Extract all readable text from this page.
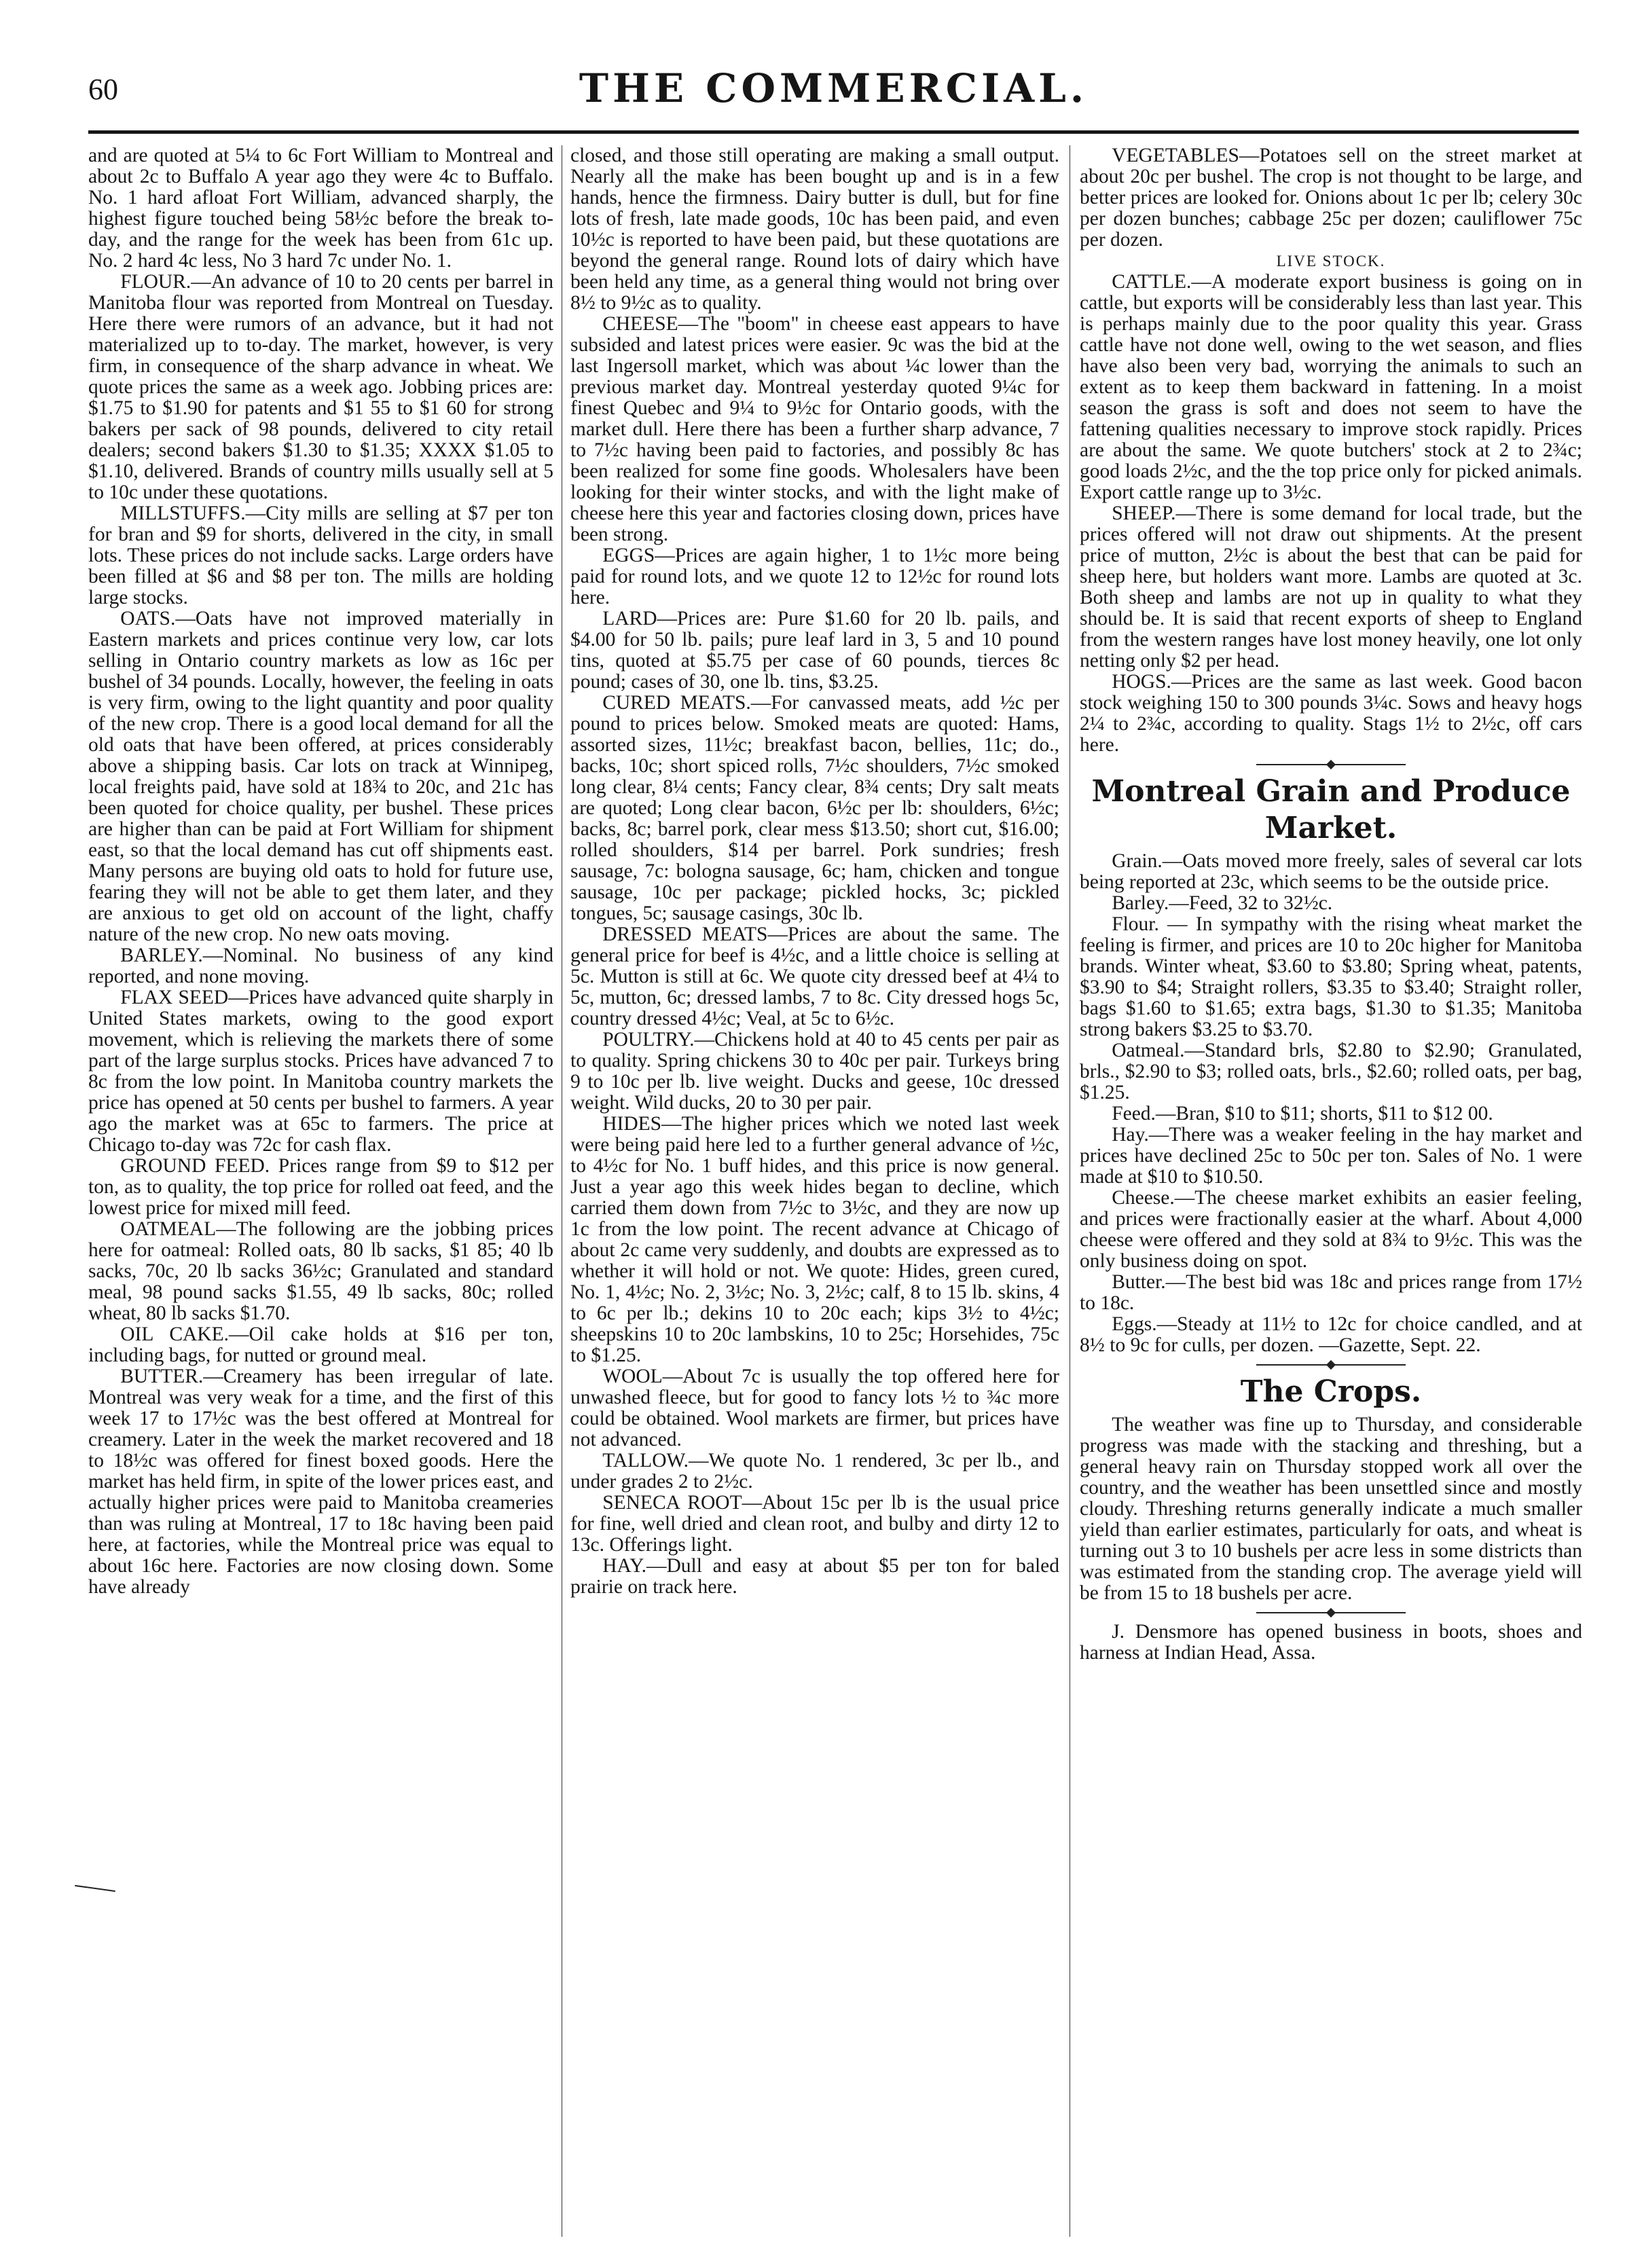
60	THE COMMERCIAL.

and are quoted at 5¼ to 6c Fort William to Montreal and about 2c to Buffalo A year ago they were 4c to Buffalo. No. 1 hard afloat Fort William, advanced sharply, the highest figure touched being 58½c before the break to-day, and the range for the week has been from 61c up. No. 2 hard 4c less, No 3 hard 7c under No. 1.

FLOUR.—An advance of 10 to 20 cents per barrel in Manitoba flour was reported from Montreal on Tuesday. Here there were rumors of an advance, but it had not materialized up to to-day. The market, however, is very firm, in consequence of the sharp advance in wheat. We quote prices the same as a week ago. Jobbing prices are: $1.75 to $1.90 for patents and $1 55 to $1 60 for strong bakers per sack of 98 pounds, delivered to city retail dealers; second bakers $1.30 to $1.35; XXXX $1.05 to $1.10, delivered. Brands of country mills usually sell at 5 to 10c under these quotations.

MILLSTUFFS.—City mills are selling at $7 per ton for bran and $9 for shorts, delivered in the city, in small lots. These prices do not include sacks. Large orders have been filled at $6 and $8 per ton. The mills are holding large stocks.

OATS.—Oats have not improved materially in Eastern markets and prices continue very low, car lots selling in Ontario country markets as low as 16c per bushel of 34 pounds. Locally, however, the feeling in oats is very firm, owing to the light quantity and poor quality of the new crop. There is a good local demand for all the old oats that have been offered, at prices considerably above a shipping basis. Car lots on track at Winnipeg, local freights paid, have sold at 18¾ to 20c, and 21c has been quoted for choice quality, per bushel. These prices are higher than can be paid at Fort William for shipment east, so that the local demand has cut off shipments east. Many persons are buying old oats to hold for future use, fearing they will not be able to get them later, and they are anxious to get old on account of the light, chaffy nature of the new crop. No new oats moving.

BARLEY.—Nominal. No business of any kind reported, and none moving.

FLAX SEED—Prices have advanced quite sharply in United States markets, owing to the good export movement, which is relieving the markets there of some part of the large surplus stocks. Prices have advanced 7 to 8c from the low point. In Manitoba country markets the price has opened at 50 cents per bushel to farmers. A year ago the market was at 65c to farmers. The price at Chicago to-day was 72c for cash flax.

GROUND FEED. Prices range from $9 to $12 per ton, as to quality, the top price for rolled oat feed, and the lowest price for mixed mill feed.

OATMEAL—The following are the jobbing prices here for oatmeal: Rolled oats, 80 lb sacks, $1 85; 40 lb sacks, 70c, 20 lb sacks 36½c; Granulated and standard meal, 98 pound sacks $1.55, 49 lb sacks, 80c; rolled wheat, 80 lb sacks $1.70.

OIL CAKE.—Oil cake holds at $16 per ton, including bags, for nutted or ground meal.

BUTTER.—Creamery has been irregular of late. Montreal was very weak for a time, and the first of this week 17 to 17½c was the best offered at Montreal for creamery. Later in the week the market recovered and 18 to 18½c was offered for finest boxed goods. Here the market has held firm, in spite of the lower prices east, and actually higher prices were paid to Manitoba creameries than was ruling at Montreal, 17 to 18c having been paid here, at factories, while the Montreal price was equal to about 16c here. Factories are now closing down. Some have already

closed, and those still operating are making a small output. Nearly all the make has been bought up and is in a few hands, hence the firmness. Dairy butter is dull, but for fine lots of fresh, late made goods, 10c has been paid, and even 10½c is reported to have been paid, but these quotations are beyond the general range. Round lots of dairy which have been held any time, as a general thing would not bring over 8½ to 9½c as to quality.

CHEESE—The "boom" in cheese east appears to have subsided and latest prices were easier. 9c was the bid at the last Ingersoll market, which was about ¼c lower than the previous market day. Montreal yesterday quoted 9¼c for finest Quebec and 9¼ to 9½c for Ontario goods, with the market dull. Here there has been a further sharp advance, 7 to 7½c having been paid to factories, and possibly 8c has been realized for some fine goods. Wholesalers have been looking for their winter stocks, and with the light make of cheese here this year and factories closing down, prices have been strong.

EGGS—Prices are again higher, 1 to 1½c more being paid for round lots, and we quote 12 to 12½c for round lots here.

LARD—Prices are: Pure $1.60 for 20 lb. pails, and $4.00 for 50 lb. pails; pure leaf lard in 3, 5 and 10 pound tins, quoted at $5.75 per case of 60 pounds, tierces 8c pound; cases of 30, one lb. tins, $3.25.

CURED MEATS.—For canvassed meats, add ½c per pound to prices below. Smoked meats are quoted: Hams, assorted sizes, 11½c; breakfast bacon, bellies, 11c; do., backs, 10c; short spiced rolls, 7½c shoulders, 7½c smoked long clear, 8¼ cents; Fancy clear, 8¾ cents; Dry salt meats are quoted; Long clear bacon, 6½c per lb: shoulders, 6½c; backs, 8c; barrel pork, clear mess $13.50; short cut, $16.00; rolled shoulders, $14 per barrel. Pork sundries; fresh sausage, 7c: bologna sausage, 6c; ham, chicken and tongue sausage, 10c per package; pickled hocks, 3c; pickled tongues, 5c; sausage casings, 30c lb.

DRESSED MEATS—Prices are about the same. The general price for beef is 4½c, and a little choice is selling at 5c. Mutton is still at 6c. We quote city dressed beef at 4¼ to 5c, mutton, 6c; dressed lambs, 7 to 8c. City dressed hogs 5c, country dressed 4½c; Veal, at 5c to 6½c.

POULTRY.—Chickens hold at 40 to 45 cents per pair as to quality. Spring chickens 30 to 40c per pair. Turkeys bring 9 to 10c per lb. live weight. Ducks and geese, 10c dressed weight. Wild ducks, 20 to 30 per pair.

HIDES—The higher prices which we noted last week were being paid here led to a further general advance of ½c, to 4½c for No. 1 buff hides, and this price is now general. Just a year ago this week hides began to decline, which carried them down from 7½c to 3½c, and they are now up 1c from the low point. The recent advance at Chicago of about 2c came very suddenly, and doubts are expressed as to whether it will hold or not. We quote: Hides, green cured, No. 1, 4½c; No. 2, 3½c; No. 3, 2½c; calf, 8 to 15 lb. skins, 4 to 6c per lb.; dekins 10 to 20c each; kips 3½ to 4½c; sheepskins 10 to 20c lambskins, 10 to 25c; Horsehides, 75c to $1.25.

WOOL—About 7c is usually the top offered here for unwashed fleece, but for good to fancy lots ½ to ¾c more could be obtained. Wool markets are firmer, but prices have not advanced.

TALLOW.—We quote No. 1 rendered, 3c per lb., and under grades 2 to 2½c.

SENECA ROOT—About 15c per lb is the usual price for fine, well dried and clean root, and bulby and dirty 12 to 13c. Offerings light.

HAY.—Dull and easy at about $5 per ton for baled prairie on track here.

VEGETABLES—Potatoes sell on the street market at about 20c per bushel. The crop is not thought to be large, and better prices are looked for. Onions about 1c per lb; celery 30c per dozen bunches; cabbage 25c per dozen; cauliflower 75c per dozen.

LIVE STOCK.

CATTLE.—A moderate export business is going on in cattle, but exports will be considerably less than last year. This is perhaps mainly due to the poor quality this year. Grass cattle have not done well, owing to the wet season, and flies have also been very bad, worrying the animals to such an extent as to keep them backward in fattening. In a moist season the grass is soft and does not seem to have the fattening qualities necessary to improve stock rapidly. Prices are about the same. We quote butchers' stock at 2 to 2¾c; good loads 2½c, and the the top price only for picked animals. Export cattle range up to 3½c.

SHEEP.—There is some demand for local trade, but the prices offered will not draw out shipments. At the present price of mutton, 2½c is about the best that can be paid for sheep here, but holders want more. Lambs are quoted at 3c. Both sheep and lambs are not up in quality to what they should be. It is said that recent exports of sheep to England from the western ranges have lost money heavily, one lot only netting only $2 per head.

HOGS.—Prices are the same as last week. Good bacon stock weighing 150 to 300 pounds 3¼c. Sows and heavy hogs 2¼ to 2¾c, according to quality. Stags 1½ to 2½c, off cars here.

Montreal Grain and Produce Market.

Grain.—Oats moved more freely, sales of several car lots being reported at 23c, which seems to be the outside price.

Barley.—Feed, 32 to 32½c.

Flour. — In sympathy with the rising wheat market the feeling is firmer, and prices are 10 to 20c higher for Manitoba brands. Winter wheat, $3.60 to $3.80; Spring wheat, patents, $3.90 to $4; Straight rollers, $3.35 to $3.40; Straight roller, bags $1.60 to $1.65; extra bags, $1.30 to $1.35; Manitoba strong bakers $3.25 to $3.70.

Oatmeal.—Standard brls, $2.80 to $2.90; Granulated, brls., $2.90 to $3; rolled oats, brls., $2.60; rolled oats, per bag, $1.25.

Feed.—Bran, $10 to $11; shorts, $11 to $12 00.

Hay.—There was a weaker feeling in the hay market and prices have declined 25c to 50c per ton. Sales of No. 1 were made at $10 to $10.50.

Cheese.—The cheese market exhibits an easier feeling, and prices were fractionally easier at the wharf. About 4,000 cheese were offered and they sold at 8¾ to 9½c. This was the only business doing on spot.

Butter.—The best bid was 18c and prices range from 17½ to 18c.

Eggs.—Steady at 11½ to 12c for choice candled, and at 8½ to 9c for culls, per dozen. —Gazette, Sept. 22.

The Crops.

The weather was fine up to Thursday, and considerable progress was made with the stacking and threshing, but a general heavy rain on Thursday stopped work all over the country, and the weather has been unsettled since and mostly cloudy. Threshing returns generally indicate a much smaller yield than earlier estimates, particularly for oats, and wheat is turning out 3 to 10 bushels per acre less in some districts than was estimated from the standing crop. The average yield will be from 15 to 18 bushels per acre.

J. Densmore has opened business in boots, shoes and harness at Indian Head, Assa.
